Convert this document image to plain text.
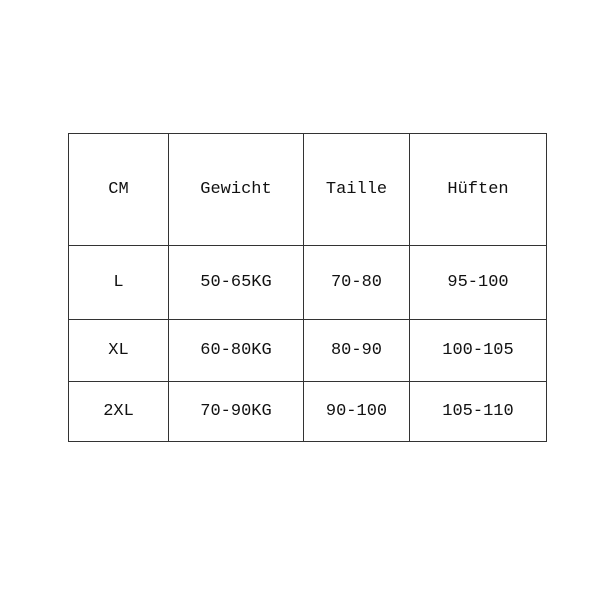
CM	Gewicht	Taille	Hüften
L	50-65KG	70-80	95-100
XL	60-80KG	80-90	100-105
2XL	70-90KG	90-100	105-110
